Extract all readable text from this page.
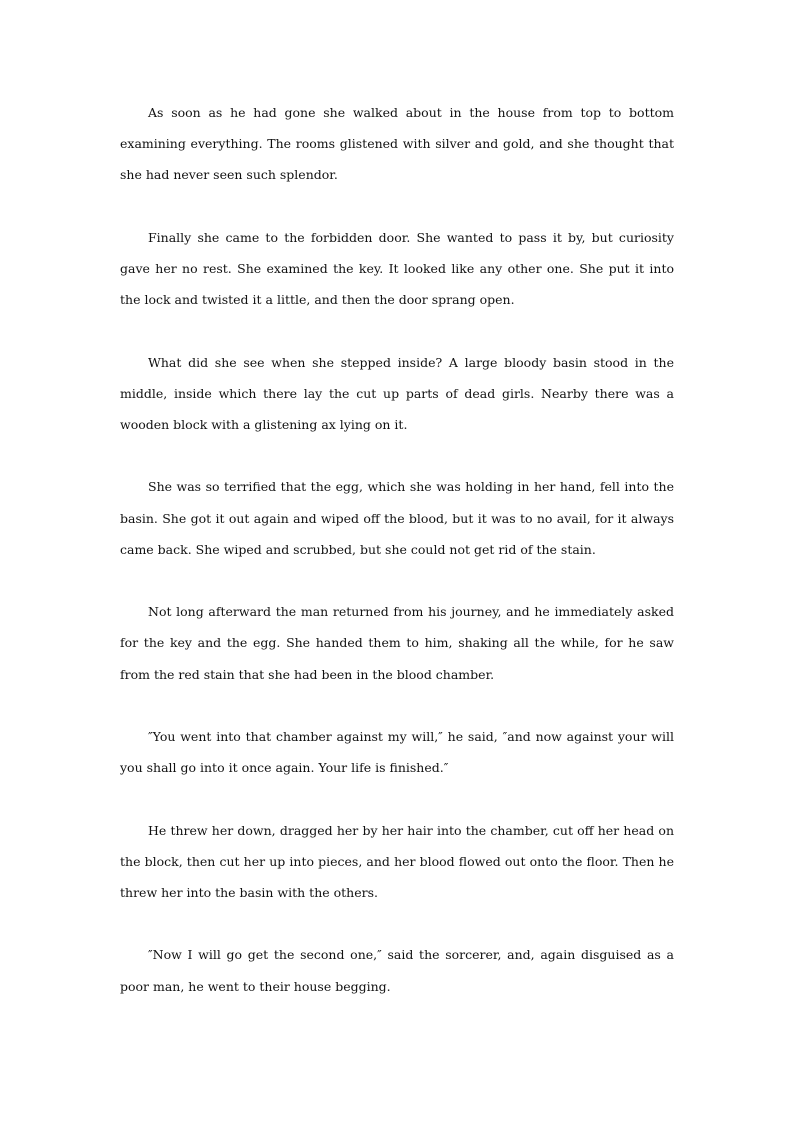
As soon as he had gone she walked about in the house from top to bottom examining everything. The rooms glistened with silver and gold, and she thought that she had never seen such splendor.

Finally she came to the forbidden door. She wanted to pass it by, but curiosity gave her no rest. She examined the key. It looked like any other one. She put it into the lock and twisted it a little, and then the door sprang open.

What did she see when she stepped inside? A large bloody basin stood in the middle, inside which there lay the cut up parts of dead girls. Nearby there was a wooden block with a glistening ax lying on it.

She was so terrified that the egg, which she was holding in her hand, fell into the basin. She got it out again and wiped off the blood, but it was to no avail, for it always came back. She wiped and scrubbed, but she could not get rid of the stain.

Not long afterward the man returned from his journey, and he immediately asked for the key and the egg. She handed them to him, shaking all the while, for he saw from the red stain that she had been in the blood chamber.

″You went into that chamber against my will,″ he said, ″and now against your will you shall go into it once again. Your life is finished.″

He threw her down, dragged her by her hair into the chamber, cut off her head on the block, then cut her up into pieces, and her blood flowed out onto the floor. Then he threw her into the basin with the others.

″Now I will go get the second one,″ said the sorcerer, and, again disguised as a poor man, he went to their house begging.
